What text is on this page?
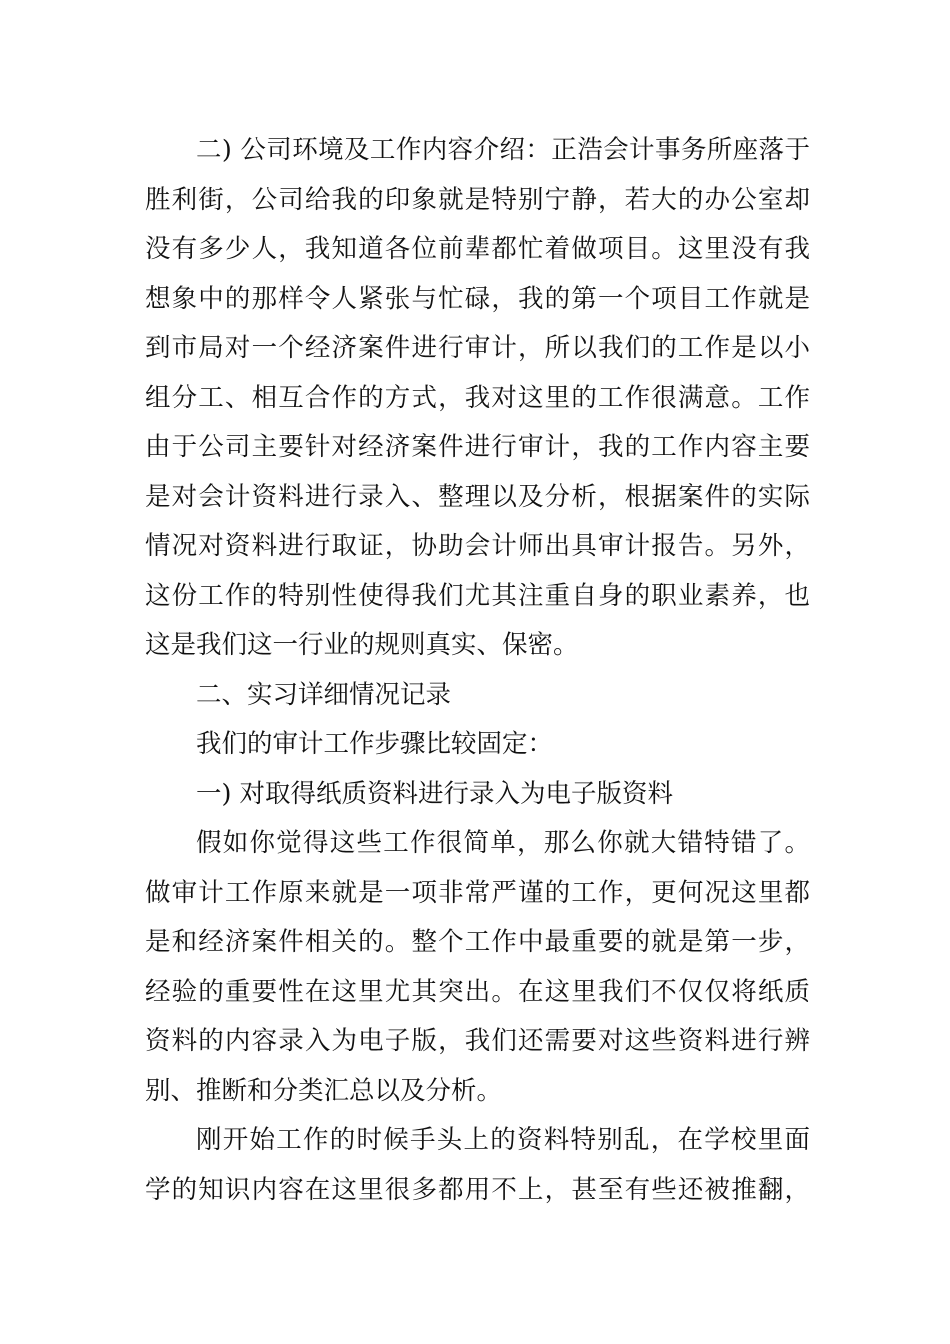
二) 公司环境及工作内容介绍：正浩会计事务所座落于
胜利街，公司给我的印象就是特别宁静，若大的办公室却
没有多少人，我知道各位前辈都忙着做项目。这里没有我
想象中的那样令人紧张与忙碌，我的第一个项目工作就是
到市局对一个经济案件进行审计，所以我们的工作是以小
组分工、相互合作的方式，我对这里的工作很满意。工作
由于公司主要针对经济案件进行审计，我的工作内容主要
是对会计资料进行录入、整理以及分析，根据案件的实际
情况对资料进行取证，协助会计师出具审计报告。另外，
这份工作的特别性使得我们尤其注重自身的职业素养，也
这是我们这一行业的规则真实、保密。
二、实习详细情况记录
我们的审计工作步骤比较固定：
一) 对取得纸质资料进行录入为电子版资料
假如你觉得这些工作很简单，那么你就大错特错了。
做审计工作原来就是一项非常严谨的工作，更何况这里都
是和经济案件相关的。整个工作中最重要的就是第一步，
经验的重要性在这里尤其突出。在这里我们不仅仅将纸质
资料的内容录入为电子版，我们还需要对这些资料进行辨
别、推断和分类汇总以及分析。
刚开始工作的时候手头上的资料特别乱，在学校里面
学的知识内容在这里很多都用不上，甚至有些还被推翻，
